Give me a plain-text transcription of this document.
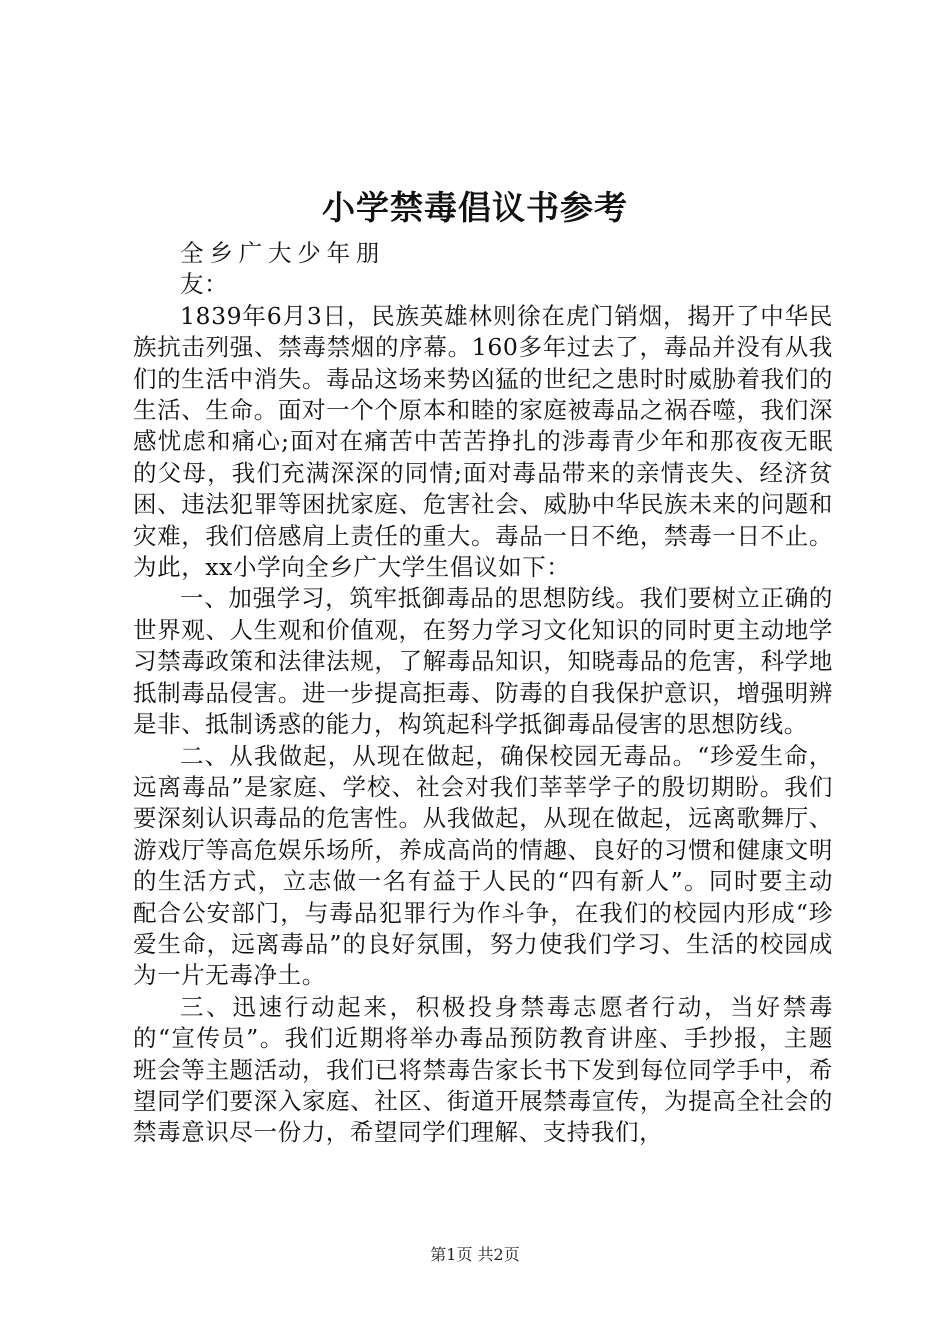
小学禁毒倡议书参考

全乡广大少年朋友：

1839年6月3日，民族英雄林则徐在虎门销烟，揭开了中华民族抗击列强、禁毒禁烟的序幕。160多年过去了，毒品并没有从我们的生活中消失。毒品这场来势凶猛的世纪之患时时威胁着我们的生活、生命。面对一个个原本和睦的家庭被毒品之祸吞噬，我们深感忧虑和痛心;面对在痛苦中苦苦挣扎的涉毒青少年和那夜夜无眠的父母，我们充满深深的同情;面对毒品带来的亲情丧失、经济贫困、违法犯罪等困扰家庭、危害社会、威胁中华民族未来的问题和灾难，我们倍感肩上责任的重大。毒品一日不绝，禁毒一日不止。为此，xx小学向全乡广大学生倡议如下：

一、加强学习，筑牢抵御毒品的思想防线。我们要树立正确的世界观、人生观和价值观，在努力学习文化知识的同时更主动地学习禁毒政策和法律法规，了解毒品知识，知晓毒品的危害，科学地抵制毒品侵害。进一步提高拒毒、防毒的自我保护意识，增强明辨是非、抵制诱惑的能力，构筑起科学抵御毒品侵害的思想防线。

二、从我做起，从现在做起，确保校园无毒品。“珍爱生命，远离毒品”是家庭、学校、社会对我们莘莘学子的殷切期盼。我们要深刻认识毒品的危害性。从我做起，从现在做起，远离歌舞厅、游戏厅等高危娱乐场所，养成高尚的情趣、良好的习惯和健康文明的生活方式，立志做一名有益于人民的“四有新人”。同时要主动配合公安部门，与毒品犯罪行为作斗争，在我们的校园内形成“珍爱生命，远离毒品”的良好氛围，努力使我们学习、生活的校园成为一片无毒净土。

三、迅速行动起来，积极投身禁毒志愿者行动，当好禁毒的“宣传员”。我们近期将举办毒品预防教育讲座、手抄报，主题班会等主题活动，我们已将禁毒告家长书下发到每位同学手中，希望同学们要深入家庭、社区、街道开展禁毒宣传，为提高全社会的禁毒意识尽一份力，希望同学们理解、支持我们，

第1页 共2页
